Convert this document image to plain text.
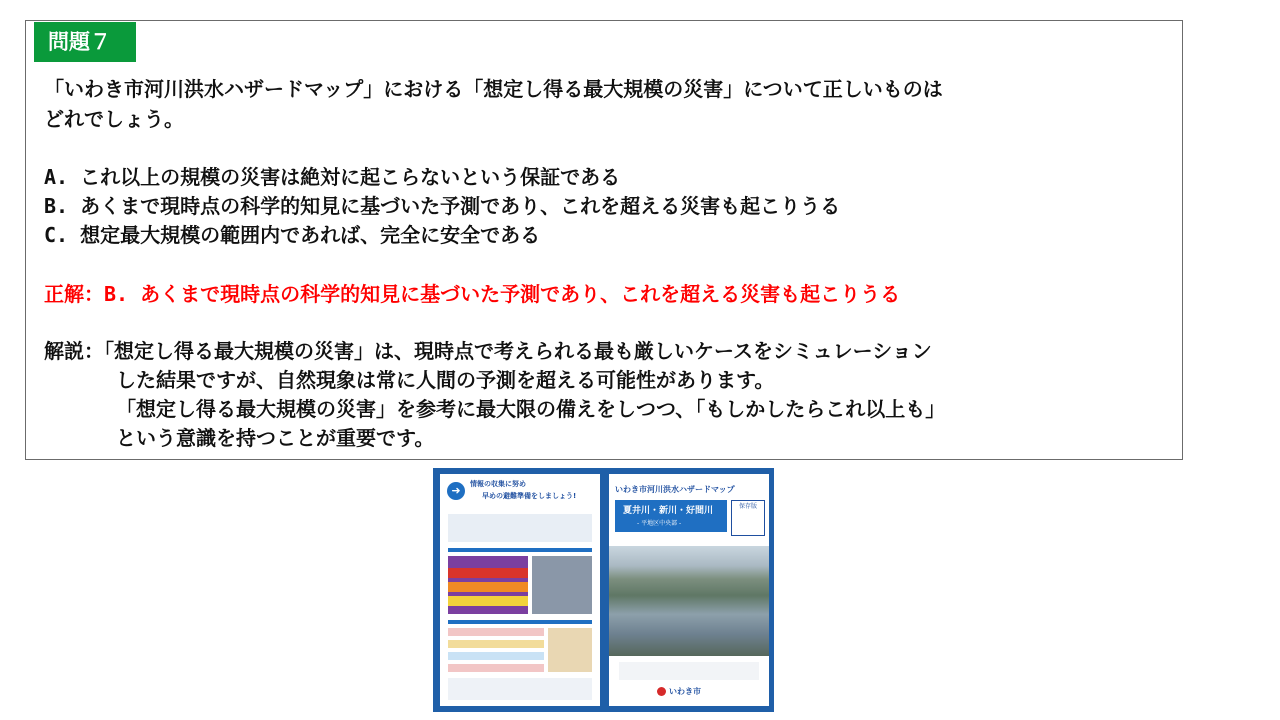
問題７
「いわき市河川洪水ハザードマップ」における「想定し得る最大規模の災害」について正しいものは
どれでしょう。
A. これ以上の規模の災害は絶対に起こらないという保証である
B. あくまで現時点の科学的知見に基づいた予測であり、これを超える災害も起こりうる
C. 想定最大規模の範囲内であれば、完全に安全である
正解：B. あくまで現時点の科学的知見に基づいた予測であり、これを超える災害も起こりうる
解説：「想定し得る最大規模の災害」は、現時点で考えられる最も厳しいケースをシミュレーション
した結果ですが、自然現象は常に人間の予測を超える可能性があります。
「想定し得る最大規模の災害」を参考に最大限の備えをしつつ、「もしかしたらこれ以上も」
という意識を持つことが重要です。
➜	情報の収集に努め
早めの避難準備をしましょう!
いわき市河川洪水ハザードマップ
夏井川・新川・好間川
- 平地区中央部 -
保存版
いわき市
